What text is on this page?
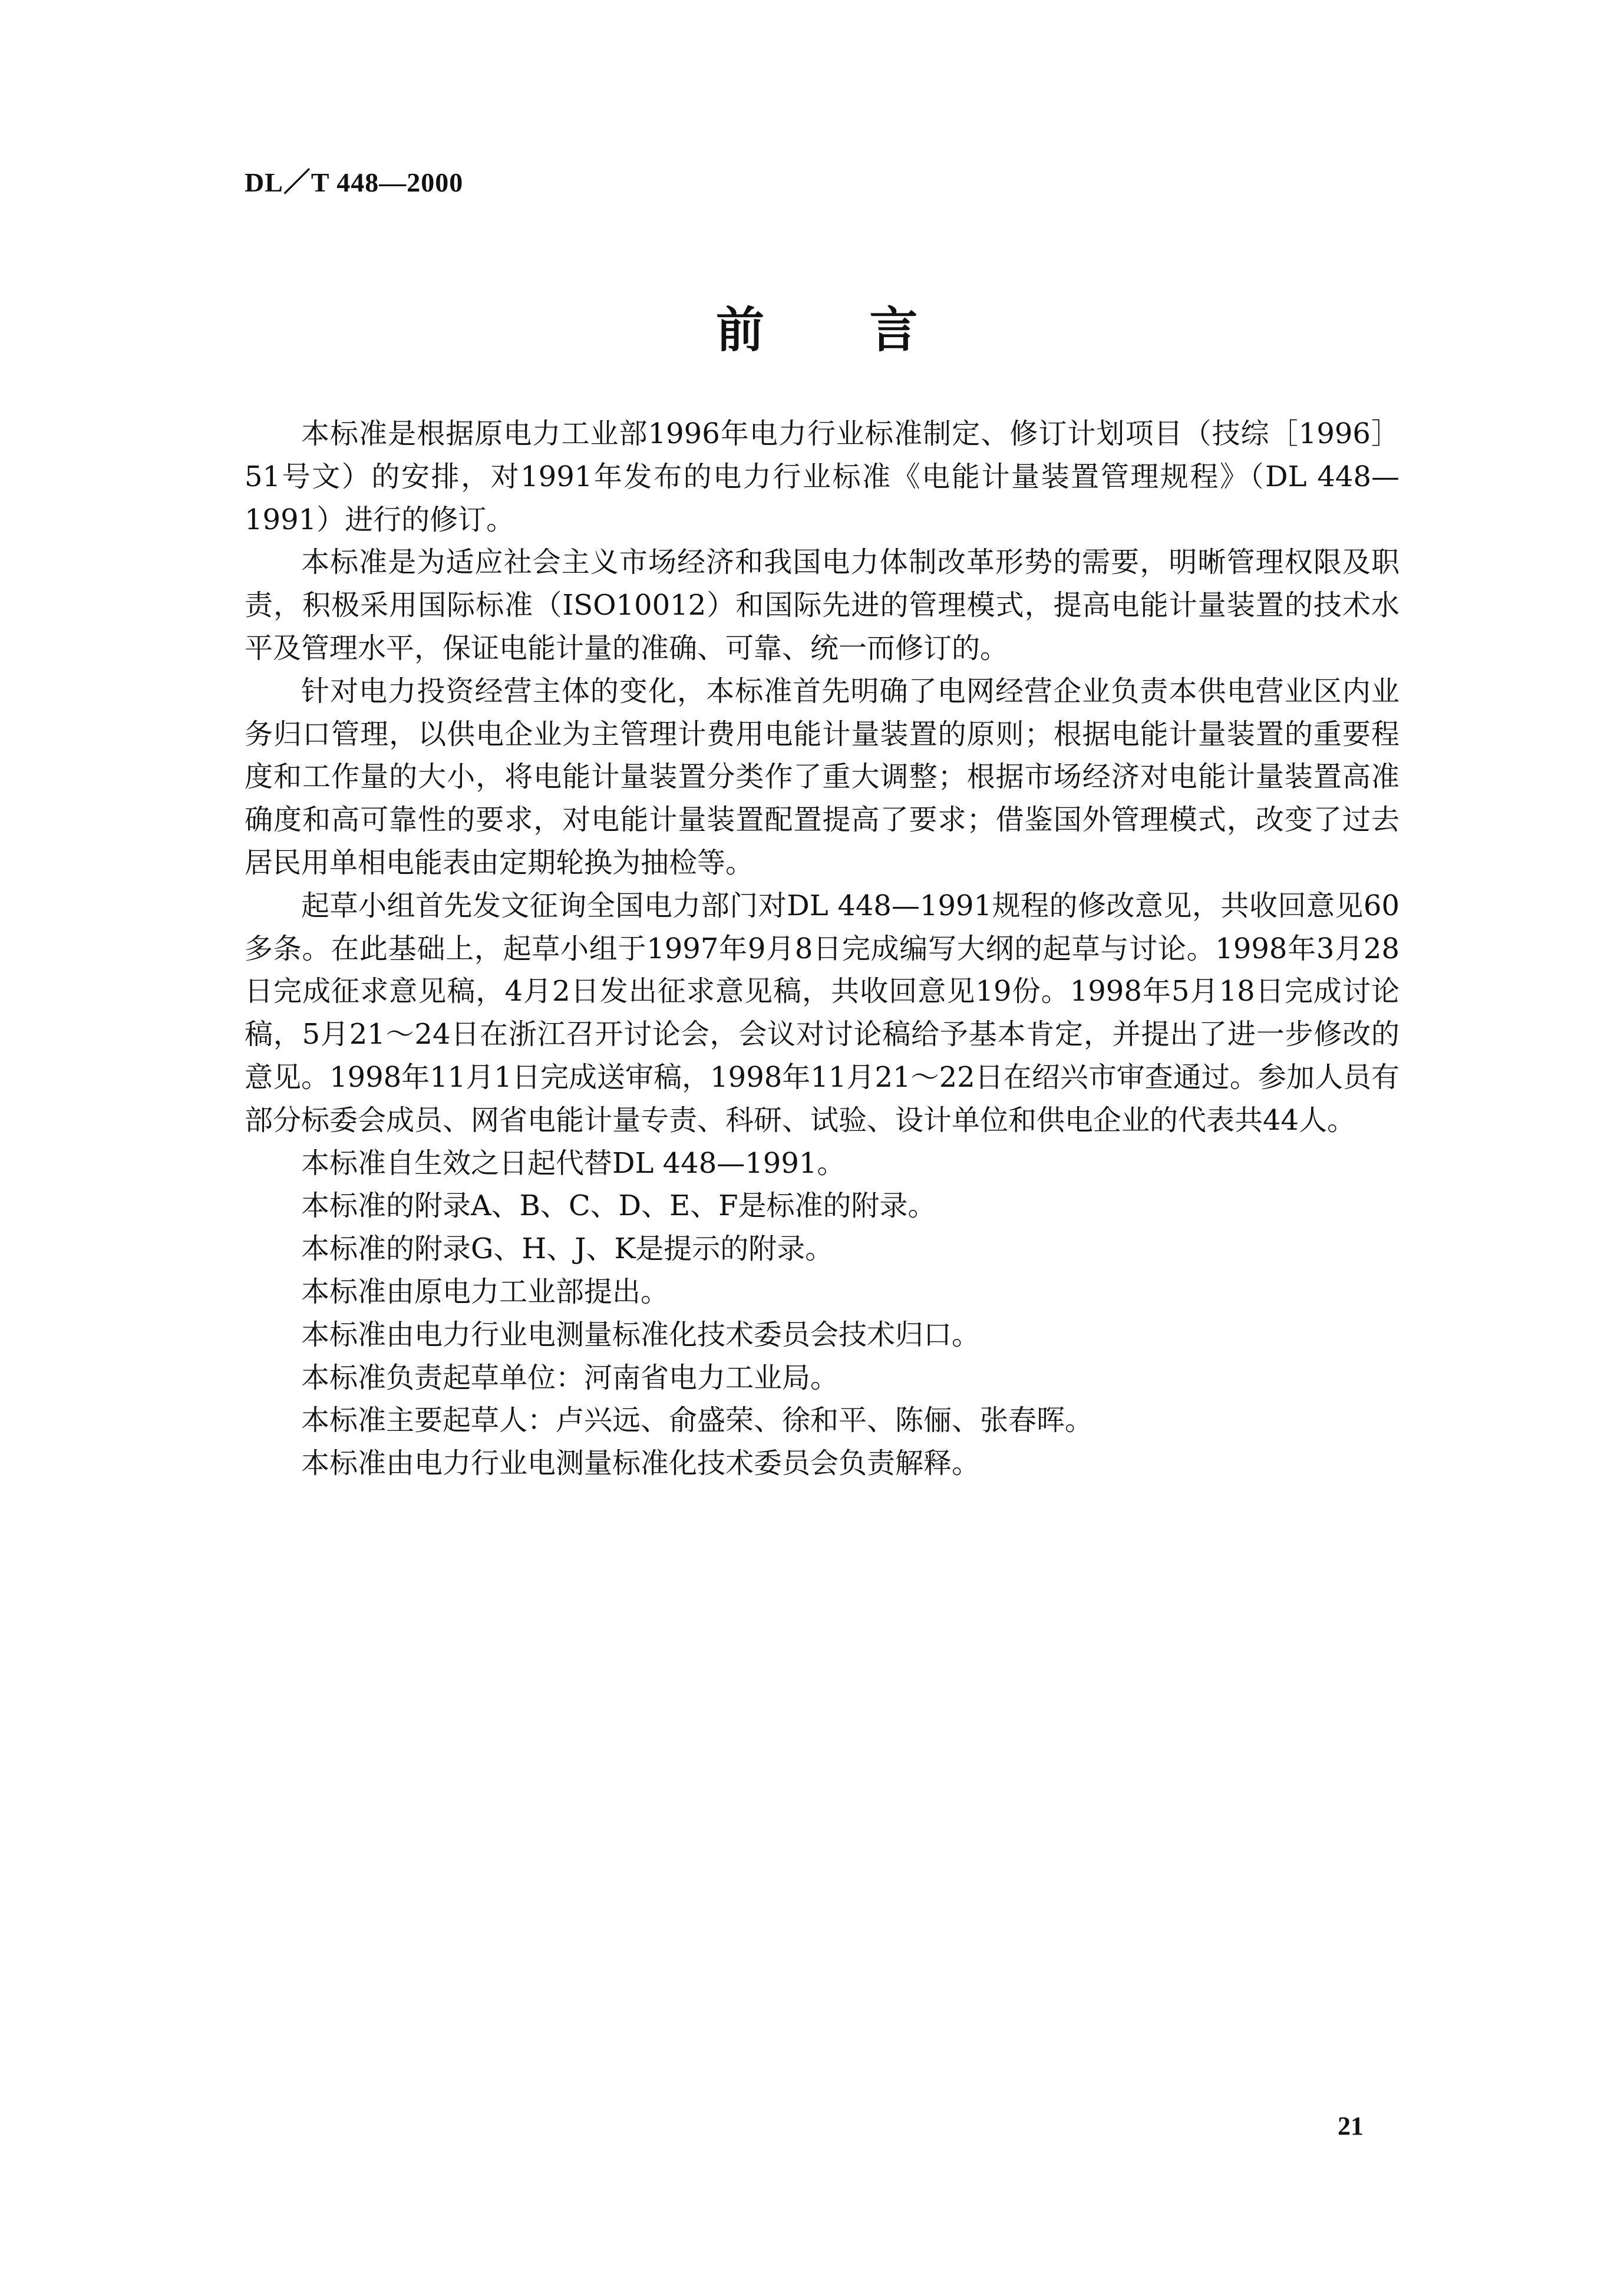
DL／T 448—2000
前 言

本标准是根据原电力工业部1996年电力行业标准制定、修订计划项目（技综［1996］51号文）的安排，对1991年发布的电力行业标准《电能计量装置管理规程》（DL 448—1991）进行的修订。

本标准是为适应社会主义市场经济和我国电力体制改革形势的需要，明晰管理权限及职责，积极采用国际标准（ISO10012）和国际先进的管理模式，提高电能计量装置的技术水平及管理水平，保证电能计量的准确、可靠、统一而修订的。

针对电力投资经营主体的变化，本标准首先明确了电网经营企业负责本供电营业区内业务归口管理，以供电企业为主管理计费用电能计量装置的原则；根据电能计量装置的重要程度和工作量的大小，将电能计量装置分类作了重大调整；根据市场经济对电能计量装置高准确度和高可靠性的要求，对电能计量装置配置提高了要求；借鉴国外管理模式，改变了过去居民用单相电能表由定期轮换为抽检等。

起草小组首先发文征询全国电力部门对DL 448—1991规程的修改意见，共收回意见60多条。在此基础上，起草小组于1997年9月8日完成编写大纲的起草与讨论。1998年3月28日完成征求意见稿，4月2日发出征求意见稿，共收回意见19份。1998年5月18日完成讨论稿，5月21～24日在浙江召开讨论会，会议对讨论稿给予基本肯定，并提出了进一步修改的意见。1998年11月1日完成送审稿，1998年11月21～22日在绍兴市审查通过。参加人员有部分标委会成员、网省电能计量专责、科研、试验、设计单位和供电企业的代表共44人。

本标准自生效之日起代替DL 448—1991。

本标准的附录A、B、C、D、E、F是标准的附录。

本标准的附录G、H、J、K是提示的附录。

本标准由原电力工业部提出。

本标准由电力行业电测量标准化技术委员会技术归口。

本标准负责起草单位：河南省电力工业局。

本标准主要起草人：卢兴远、俞盛荣、徐和平、陈俪、张春晖。

本标准由电力行业电测量标准化技术委员会负责解释。

21
